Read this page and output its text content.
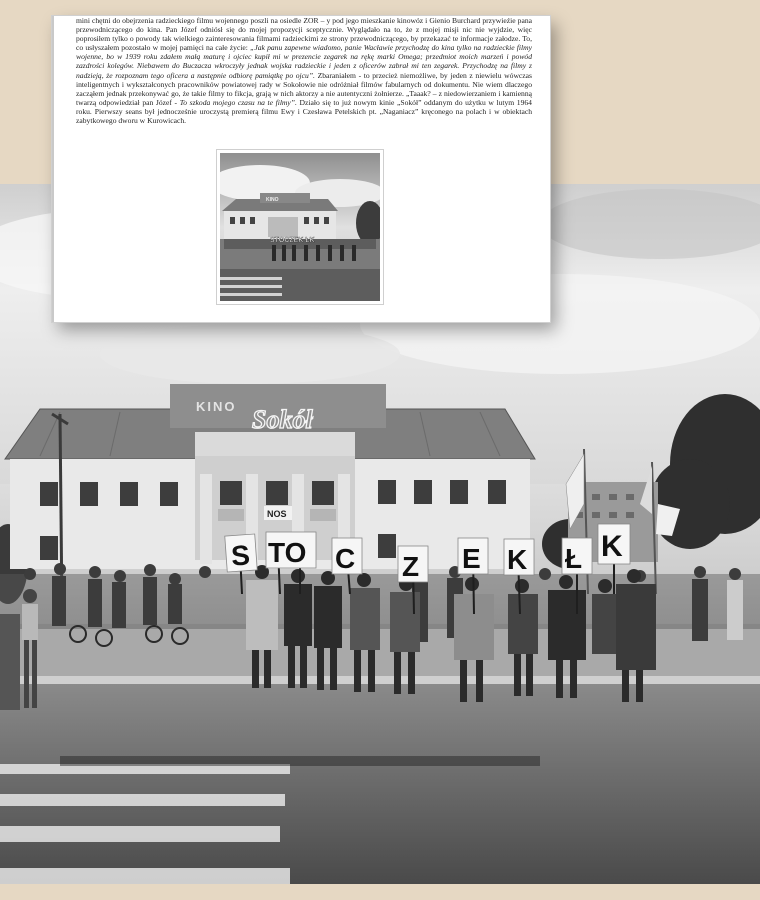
KINO Sokół
NOS
S TO C Z E K Ł K

mini chętni do obejrzenia radzieckiego filmu wojennego poszli na osiedle ZOR – y pod jego mieszkanie kinowóz i Gienio Burchard przywieźie pana przewodniczącego do kina. Pan Józef odniósł się do mojej propozycji sceptycznie. Wyglądało na to, że z mojej misji nic nie wyjdzie, więc poprosiłem tylko o powody tak wielkiego zainteresowania filmami radzieckimi ze strony przewodniczącego, by przekazać te informacje załodze. To, co usłyszałem pozostało w mojej pamięci na całe życie: „Jak panu zapewne wiadomo, panie Wacławie przychodzę do kina tylko na radzieckie filmy wojenne, bo w 1939 roku zdałem małą maturę i ojciec kupił mi w prezencie zegarek na rękę marki Omega; przedmiot moich marzeń i powód zazdrości kolegów. Niebawem do Buczacza wkroczyły jednak wojska radzieckie i jeden z oficerów zabrał mi ten zegarek. Przychodzę na filmy z nadzieją, że rozpoznam tego oficera a następnie odbiorę pamiątkę po ojcu”. Zbaraniałem - to przecież niemożliwe, by jeden z niewielu wówczas inteligentnych i wykształconych pracowników powiatowej rady w Sokołowie nie odróżniał filmów fabularnych od dokumentu. Nie wiem dlaczego zacząłem jednak przekonywać go, że takie filmy to fikcja, grają w nich aktorzy a nie autentyczni żołnierze. „Taaak? – z niedowierzaniem i kamienną twarzą odpowiedział pan Józef - To szkoda mojego czasu na te filmy”. Działo się to już nowym kinie „Sokół” oddanym do użytku w lutym 1964 roku. Pierwszy seans był jednocześnie uroczystą premierą filmu Ewy i Czesława Petelskich pt. „Naganiacz” kręconego na polach i w obiektach zabytkowego dworu w Kurowicach.

KINO
STOCZEK ŁK
